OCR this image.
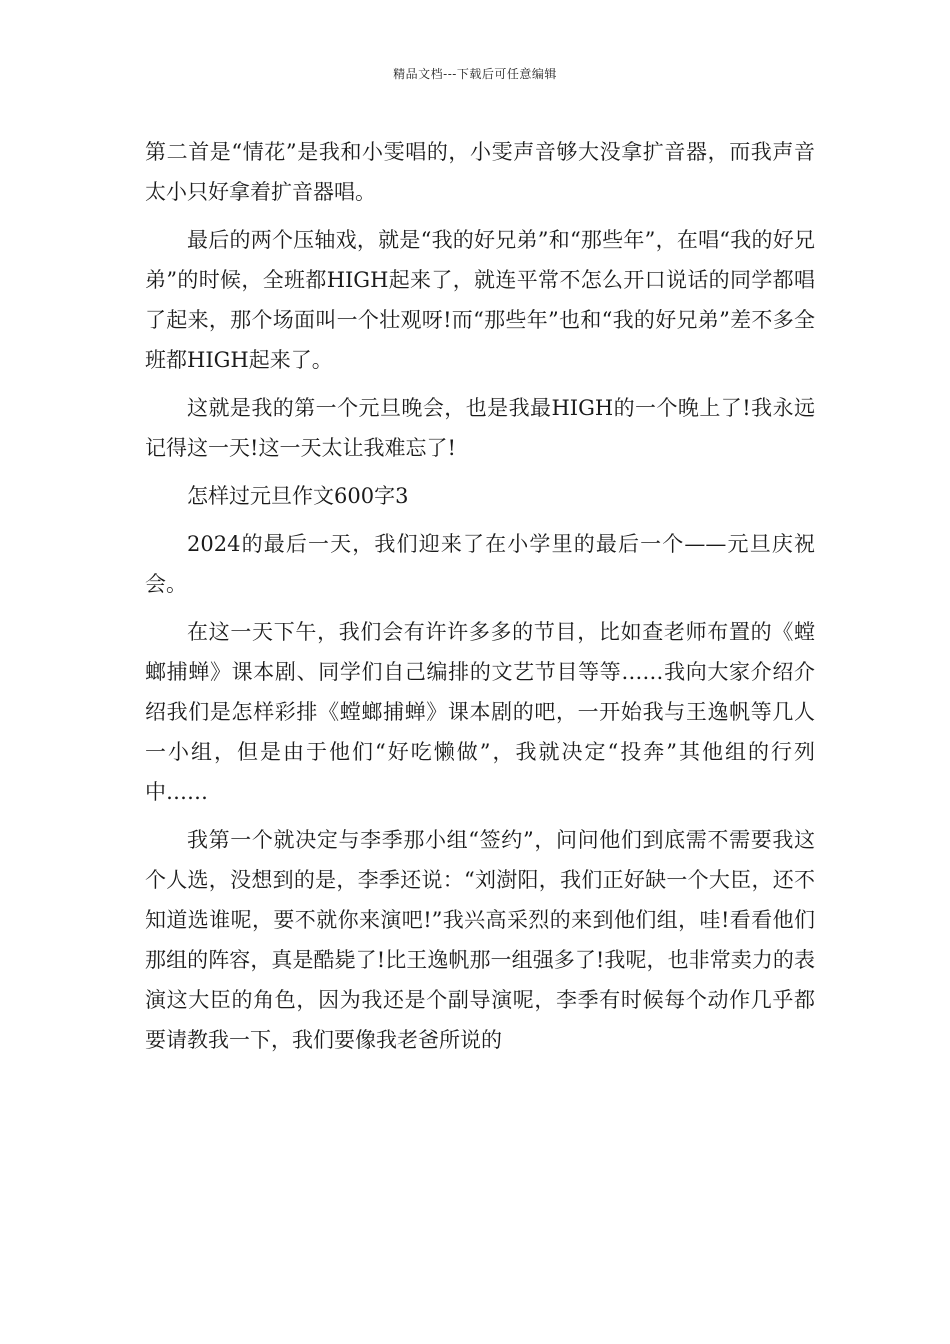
精品文档---下载后可任意编辑

第二首是“情花”是我和小雯唱的，小雯声音够大没拿扩音器，而我声音太小只好拿着扩音器唱。

最后的两个压轴戏，就是“我的好兄弟”和“那些年”，在唱“我的好兄弟”的时候，全班都HIGH起来了，就连平常不怎么开口说话的同学都唱了起来，那个场面叫一个壮观呀!而“那些年”也和“我的好兄弟”差不多全班都HIGH起来了。

这就是我的第一个元旦晚会，也是我最HIGH的一个晚上了!我永远记得这一天!这一天太让我难忘了!

怎样过元旦作文600字3

2024的最后一天，我们迎来了在小学里的最后一个——元旦庆祝会。

在这一天下午，我们会有许许多多的节目，比如查老师布置的《螳螂捕蝉》课本剧、同学们自己编排的文艺节目等等……我向大家介绍介绍我们是怎样彩排《螳螂捕蝉》课本剧的吧，一开始我与王逸帆等几人一小组，但是由于他们“好吃懒做”，我就决定“投奔”其他组的行列中……

我第一个就决定与李季那小组“签约”，问问他们到底需不需要我这个人选，没想到的是，李季还说：“刘澍阳，我们正好缺一个大臣，还不知道选谁呢，要不就你来演吧!”我兴高采烈的来到他们组，哇!看看他们那组的阵容，真是酷毙了!比王逸帆那一组强多了!我呢，也非常卖力的表演这大臣的角色，因为我还是个副导演呢，李季有时候每个动作几乎都要请教我一下，我们要像我老爸所说的
